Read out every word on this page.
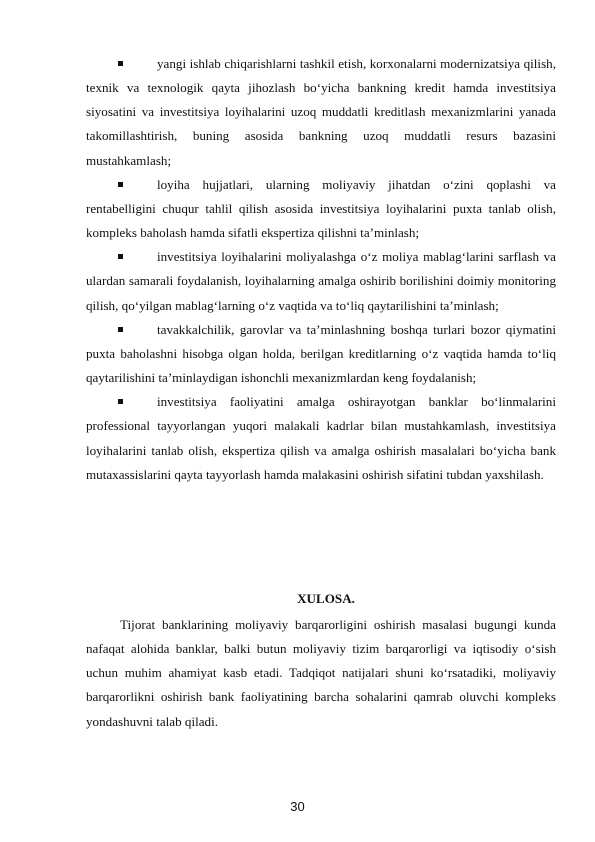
yangi ishlab chiqarishlarni tashkil etish, korxonalarni modernizatsiya qilish, texnik va texnologik qayta jihozlash bo‘yicha bankning kredit hamda investitsiya siyosatini va investitsiya loyihalarini uzoq muddatli kreditlash mexanizmlarini yanada takomillashtirish, buning asosida bankning uzoq muddatli resurs bazasini mustahkamlash;

loyiha hujjatlari, ularning moliyaviy jihatdan o‘zini qoplashi va rentabelligini chuqur tahlil qilish asosida investitsiya loyihalarini puxta tanlab olish, kompleks baholash hamda sifatli ekspertiza qilishni ta’minlash;

investitsiya loyihalarini moliyalashga o‘z moliya mablag‘larini sarflash va ulardan samarali foydalanish, loyihalarning amalga oshirib borilishini doimiy monitoring qilish, qo‘yilgan mablag‘larning o‘z vaqtida va to‘liq qaytarilishini ta’minlash;

tavakkalchilik, garovlar va ta’minlashning boshqa turlari bozor qiymatini puxta baholashni hisobga olgan holda, berilgan kreditlarning o‘z vaqtida hamda to‘liq qaytarilishini ta’minlaydigan ishonchli mexanizmlardan keng foydalanish;

investitsiya faoliyatini amalga oshirayotgan banklar bo‘linmalarini professional tayyorlangan yuqori malakali kadrlar bilan mustahkamlash, investitsiya loyihalarini tanlab olish, ekspertiza qilish va amalga oshirish masalalari bo‘yicha bank mutaxassislarini qayta tayyorlash hamda malakasini oshirish sifatini tubdan yaxshilash.

XULOSA.

Tijorat banklarining moliyaviy barqarorligini oshirish masalasi bugungi kunda nafaqat alohida banklar, balki butun moliyaviy tizim barqarorligi va iqtisodiy o‘sish uchun muhim ahamiyat kasb etadi. Tadqiqot natijalari shuni ko‘rsatadiki, moliyaviy barqarorlikni oshirish bank faoliyatining barcha sohalarini qamrab oluvchi kompleks yondashuvni talab qiladi.

30
